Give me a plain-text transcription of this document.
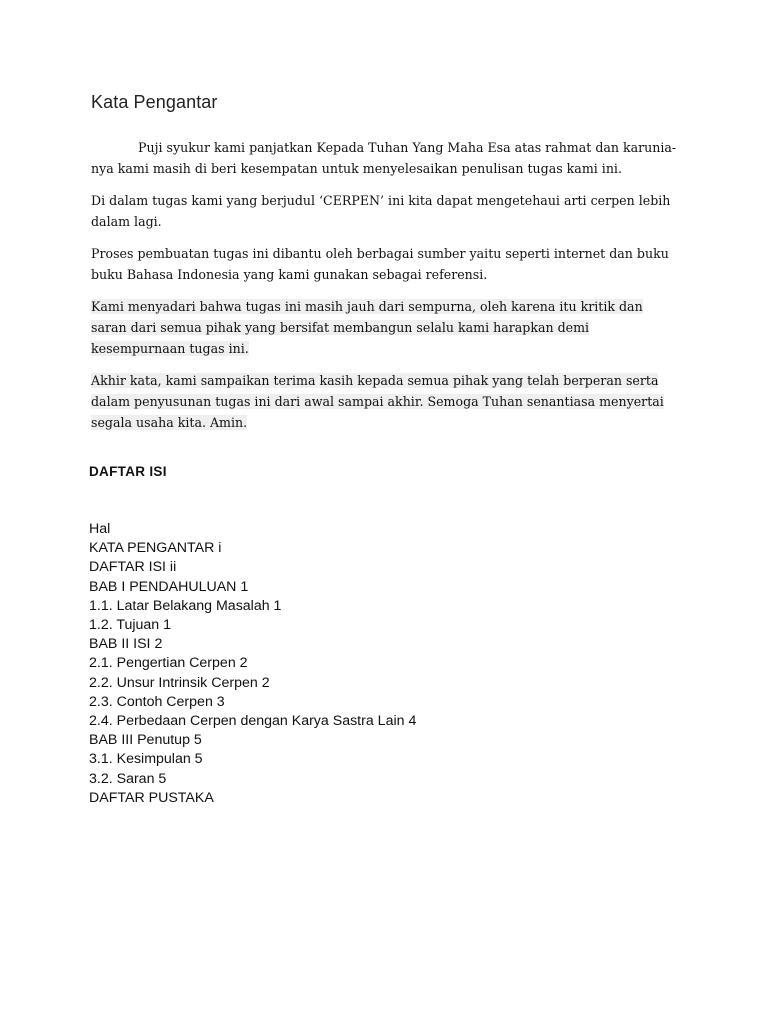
Kata Pengantar

Puji syukur kami panjatkan Kepada Tuhan Yang Maha Esa atas rahmat dan karunia-nya kami masih di beri kesempatan untuk menyelesaikan penulisan tugas kami ini.

Di dalam tugas kami yang berjudul ‘CERPEN’ ini kita dapat mengetehaui arti cerpen lebih dalam lagi.

Proses pembuatan tugas ini dibantu oleh berbagai sumber yaitu seperti internet dan buku buku Bahasa Indonesia yang kami gunakan sebagai referensi.

Kami menyadari bahwa tugas ini masih jauh dari sempurna, oleh karena itu kritik dan saran dari semua pihak yang bersifat membangun selalu kami harapkan demi kesempurnaan tugas ini.

Akhir kata, kami sampaikan terima kasih kepada semua pihak yang telah berperan serta dalam penyusunan tugas ini dari awal sampai akhir. Semoga Tuhan senantiasa menyertai segala usaha kita. Amin.

DAFTAR ISI
Hal
KATA PENGANTAR i
DAFTAR ISI ii
BAB I PENDAHULUAN 1
1.1. Latar Belakang Masalah 1
1.2. Tujuan 1
BAB II ISI 2
2.1. Pengertian Cerpen 2
2.2. Unsur Intrinsik Cerpen 2
2.3. Contoh Cerpen 3
2.4. Perbedaan Cerpen dengan Karya Sastra Lain 4
BAB III Penutup 5
3.1. Kesimpulan 5
3.2. Saran 5
DAFTAR PUSTAKA
